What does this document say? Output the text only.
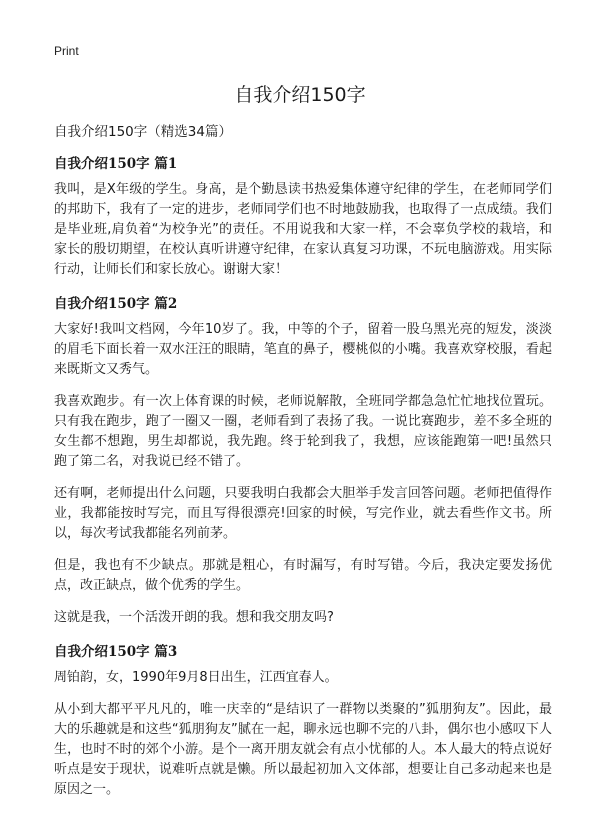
Print
自我介绍150字
自我介绍150字（精选34篇）
自我介绍150字 篇1

我叫，是X年级的学生。身高，是个勤恳读书热爱集体遵守纪律的学生，在老师同学们的邦助下，我有了一定的进步，老师同学们也不时地鼓励我，也取得了一点成绩。我们是毕业班,肩负着“为校争光”的责任。不用说我和大家一样，不会辜负学校的栽培，和家长的殷切期望，在校认真听讲遵守纪律，在家认真复习功课，不玩电脑游戏。用实际行动，让师长们和家长放心。谢谢大家！

自我介绍150字 篇2

大家好!我叫文档网，今年10岁了。我，中等的个子，留着一股乌黑光亮的短发，淡淡的眉毛下面长着一双水汪汪的眼睛，笔直的鼻子，樱桃似的小嘴。我喜欢穿校服，看起来既斯文又秀气。

我喜欢跑步。有一次上体育课的时候，老师说解散，全班同学都急急忙忙地找位置玩。只有我在跑步，跑了一圈又一圈，老师看到了表扬了我。一说比赛跑步，差不多全班的女生都不想跑，男生却都说，我先跑。终于轮到我了，我想，应该能跑第一吧!虽然只跑了第二名，对我说已经不错了。

还有啊，老师提出什么问题，只要我明白我都会大胆举手发言回答问题。老师把值得作业，我都能按时写完，而且写得很漂亮!回家的时候，写完作业，就去看些作文书。所以，每次考试我都能名列前茅。

但是，我也有不少缺点。那就是粗心，有时漏写，有时写错。今后，我决定要发扬优点，改正缺点，做个优秀的学生。

这就是我，一个活泼开朗的我。想和我交朋友吗?

自我介绍150字 篇3

周铂韵，女，1990年9月8日出生，江西宜春人。

从小到大都平平凡凡的，唯一庆幸的“是结识了一群物以类聚的”狐朋狗友”。因此，最大的乐趣就是和这些“狐朋狗友”腻在一起，聊永远也聊不完的八卦，偶尔也小感叹下人生，也时不时的郊个小游。是个一离开朋友就会有点小忧郁的人。本人最大的特点说好听点是安于现状，说难听点就是懒。所以最起初加入文体部，想要让自己多动起来也是原因之一。
